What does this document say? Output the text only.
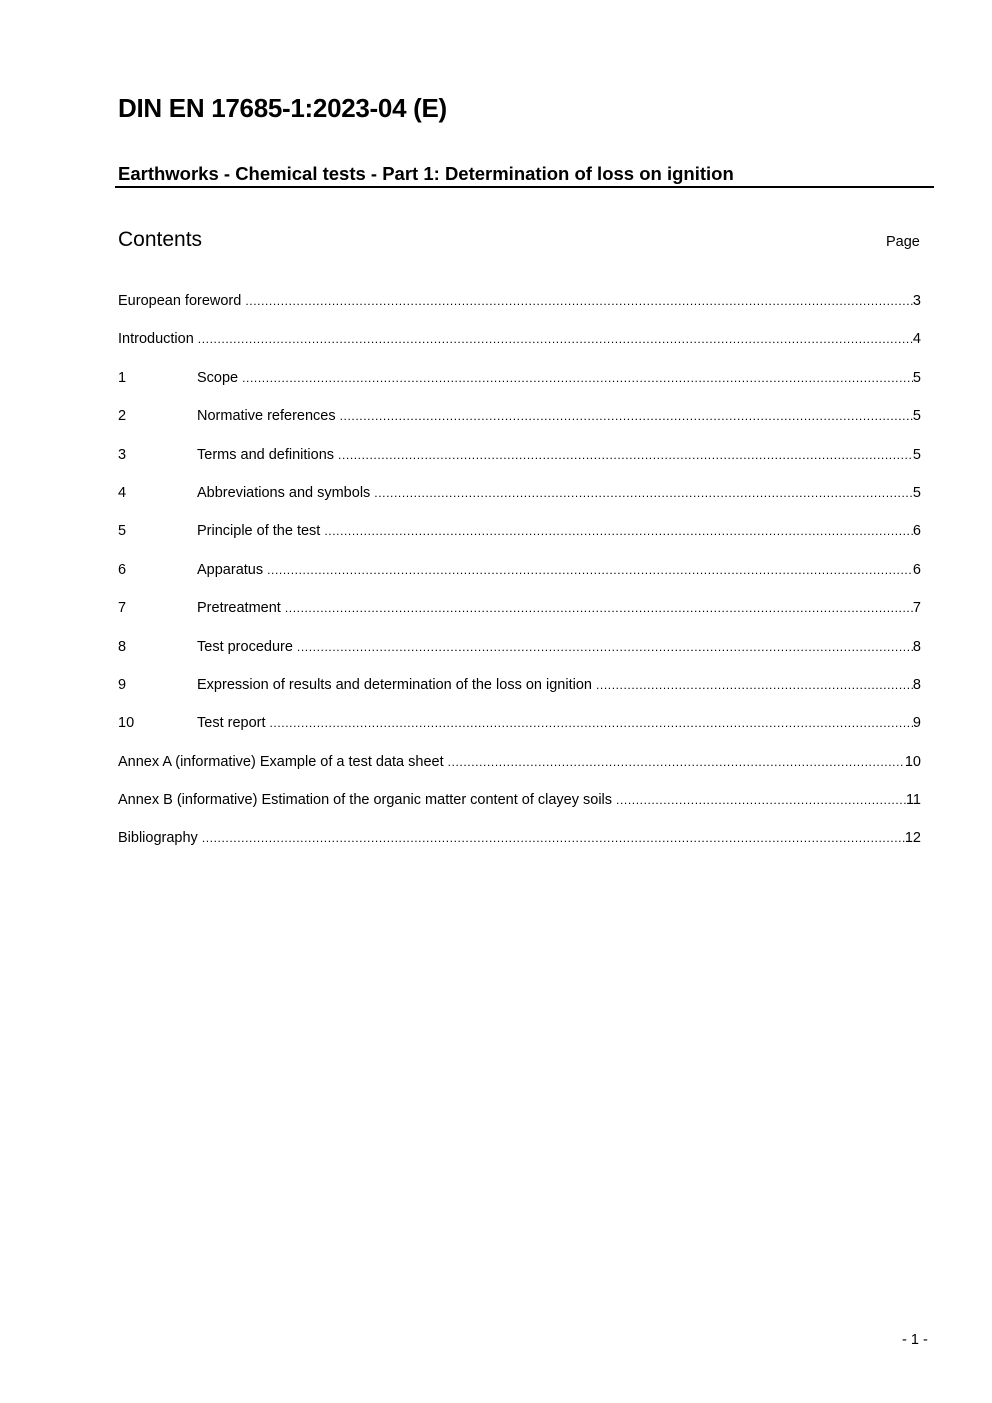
DIN EN 17685-1:2023-04 (E)
Earthworks - Chemical tests - Part 1: Determination of loss on ignition
Contents	Page
European foreword .....	3
Introduction .....	4
1	Scope .....	5
2	Normative references .....	5
3	Terms and definitions .....	5
4	Abbreviations and symbols .....	5
5	Principle of the test .....	6
6	Apparatus .....	6
7	Pretreatment .....	7
8	Test procedure .....	8
9	Expression of results and determination of the loss on ignition .....	8
10	Test report .....	9
Annex A (informative) Example of a test data sheet .....	10
Annex B (informative) Estimation of the organic matter content of clayey soils .....	11
Bibliography .....	12
- 1 -
